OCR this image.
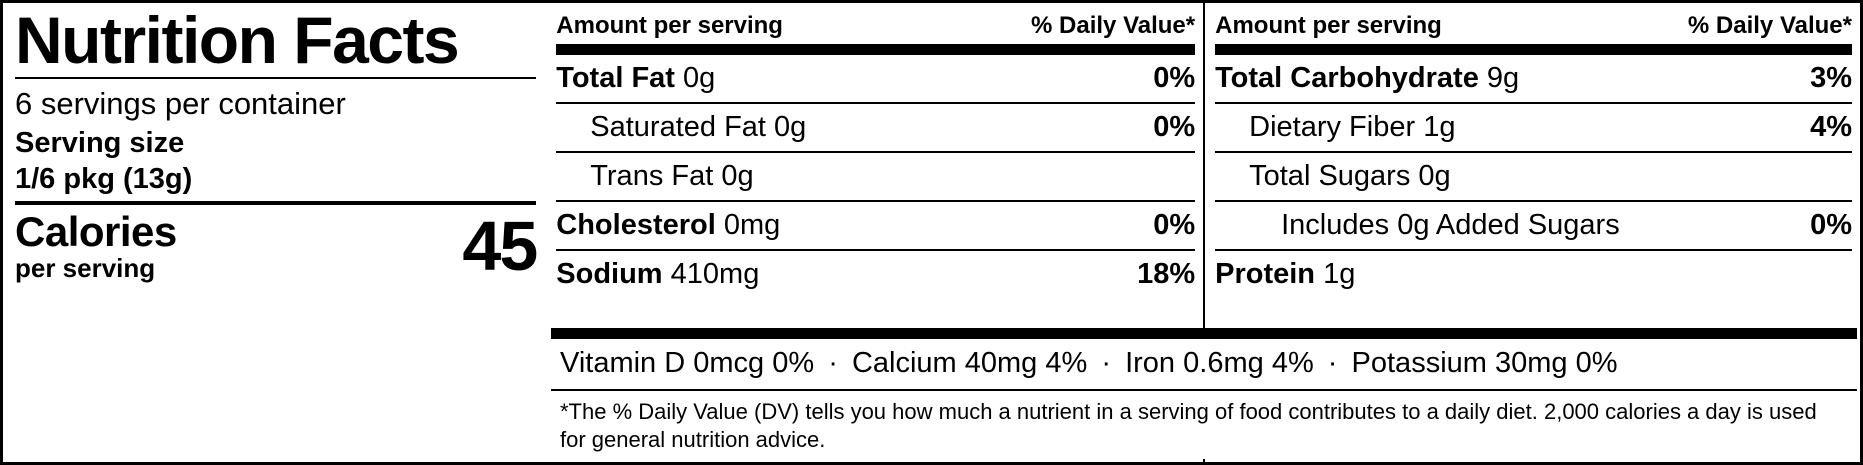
Nutrition Facts
6 servings per container
Serving size
1/6 pkg (13g)
Calories
per serving	45
Amount per serving	% Daily Value*
Total Fat 0g	0%
Saturated Fat 0g	0%
Trans Fat 0g
Cholesterol 0mg	0%
Sodium 410mg	18%
Amount per serving	% Daily Value*
Total Carbohydrate 9g	3%
Dietary Fiber 1g	4%
Total Sugars 0g
Includes 0g Added Sugars	0%
Protein 1g
Vitamin D 0mcg 0% · Calcium 40mg 4% · Iron 0.6mg 4% · Potassium 30mg 0%
*The % Daily Value (DV) tells you how much a nutrient in a serving of food contributes to a daily diet. 2,000 calories a day is used for general nutrition advice.
